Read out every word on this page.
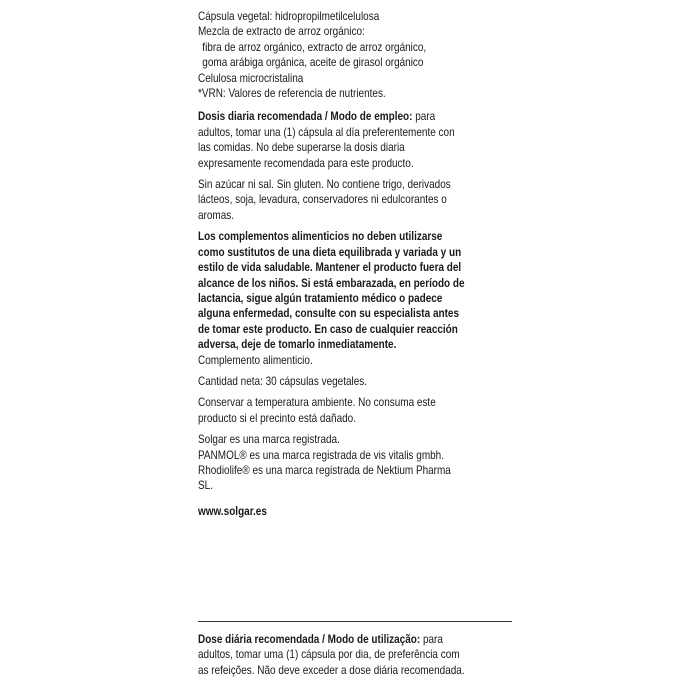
Cápsula vegetal: hidropropilmetilcelulosa

Mezcla de extracto de arroz orgánico:

fibra de arroz orgánico, extracto de arroz orgánico,

goma arábiga orgánica, aceite de girasol orgánico

Celulosa microcristalina

*VRN: Valores de referencia de nutrientes.

Dosis diaria recomendada / Modo de empleo: para adultos, tomar una (1) cápsula al día preferentemente con las comidas. No debe superarse la dosis diaria expresamente recomendada para este producto.

Sin azúcar ni sal. Sin gluten. No contiene trigo, derivados lácteos, soja, levadura, conservadores ni edulcorantes o aromas.

Los complementos alimenticios no deben utilizarse como sustitutos de una dieta equilibrada y variada y un estilo de vida saludable. Mantener el producto fuera del alcance de los niños. Si está embarazada, en período de lactancia, sigue algún tratamiento médico o padece alguna enfermedad, consulte con su especialista antes de tomar este producto. En caso de cualquier reacción adversa, deje de tomarlo inmediatamente.

Complemento alimenticio.

Cantidad neta: 30 cápsulas vegetales.

Conservar a temperatura ambiente. No consuma este producto si el precinto está dañado.

Solgar es una marca registrada.

PANMOL® es una marca registrada de vis vitalis gmbh.

Rhodiolife® es una marca registrada de Nektium Pharma SL.

www.solgar.es

Dose diária recomendada / Modo de utilização: para adultos, tomar uma (1) cápsula por dia, de preferência com as refeições. Não deve exceder a dose diária recomendada.
